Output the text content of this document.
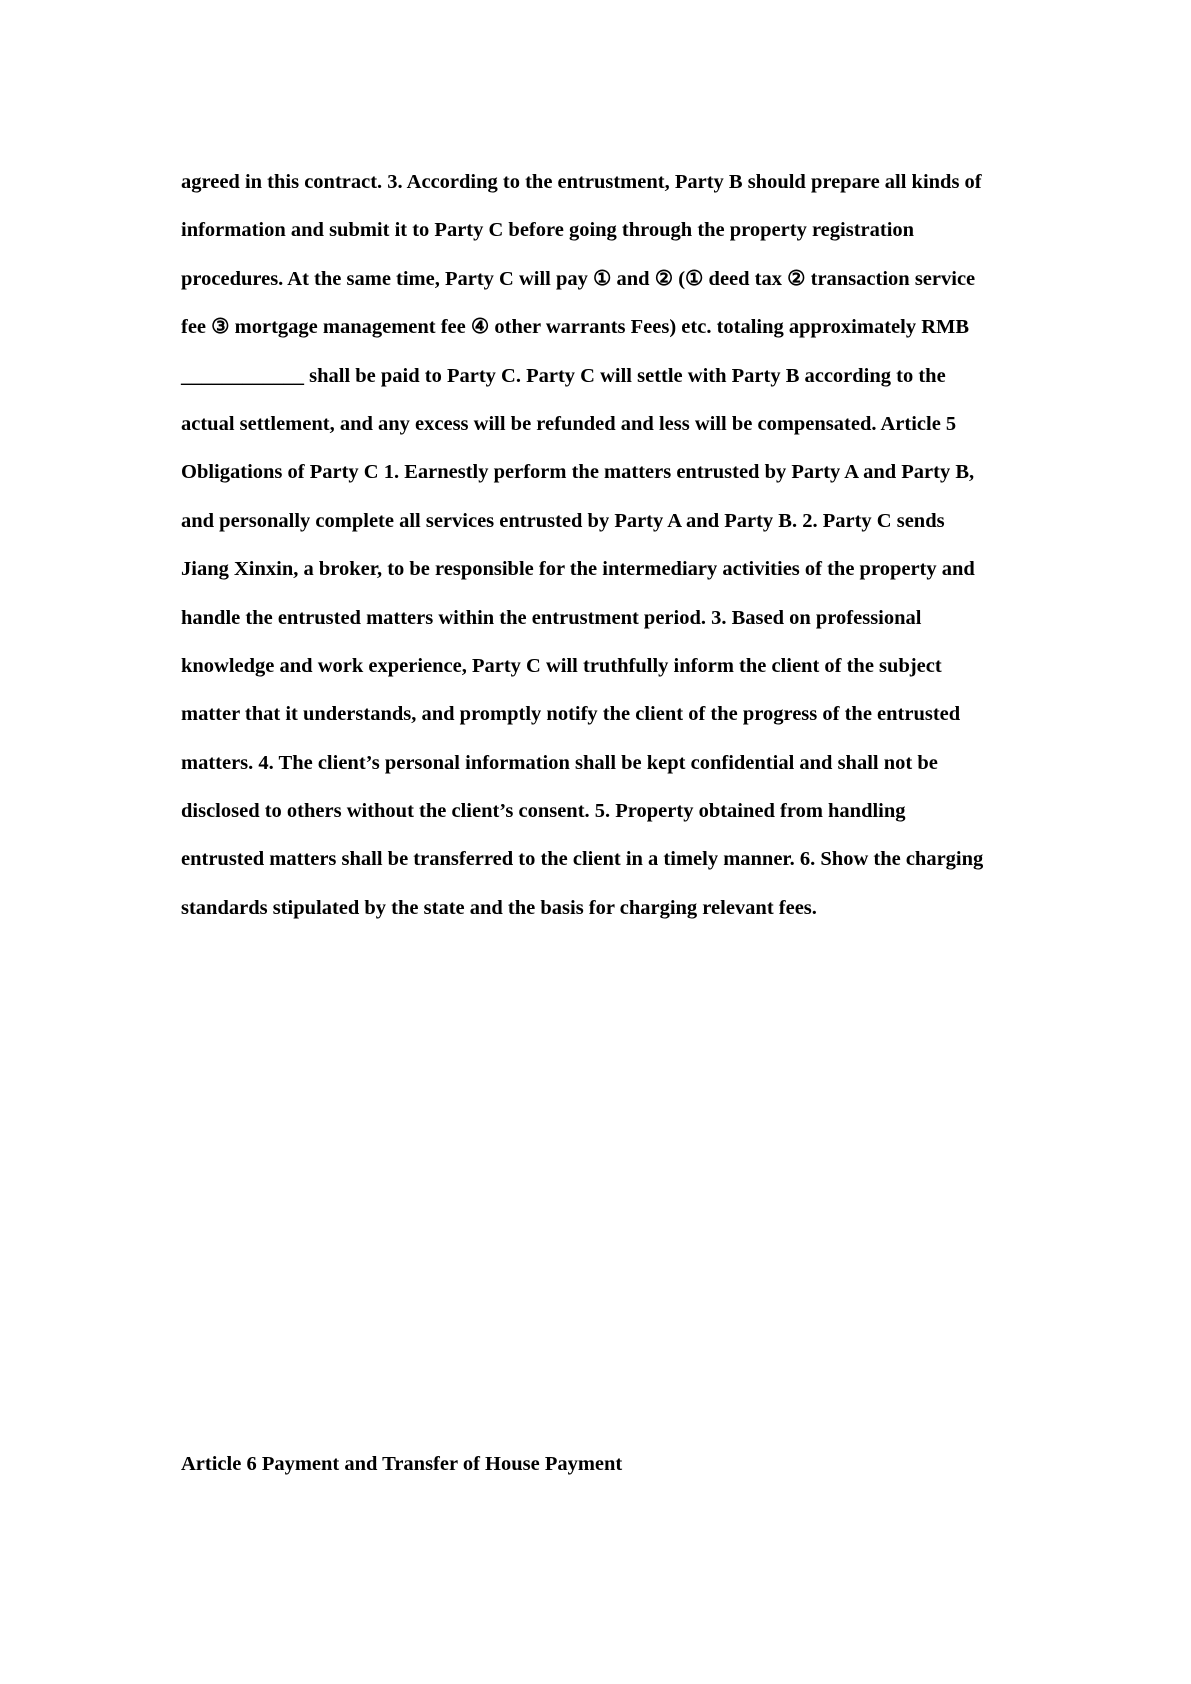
agreed in this contract. 3. According to the entrustment, Party B should prepare all kinds of
information and submit it to Party C before going through the property registration
procedures. At the same time, Party C will pay ① and ② (① deed tax ② transaction service
fee ③ mortgage management fee ④ other warrants Fees) etc. totaling approximately RMB
____________ shall be paid to Party C. Party C will settle with Party B according to the
actual settlement, and any excess will be refunded and less will be compensated. Article 5
Obligations of Party C 1. Earnestly perform the matters entrusted by Party A and Party B,
and personally complete all services entrusted by Party A and Party B. 2. Party C sends
Jiang Xinxin, a broker, to be responsible for the intermediary activities of the property and
handle the entrusted matters within the entrustment period. 3. Based on professional
knowledge and work experience, Party C will truthfully inform the client of the subject
matter that it understands, and promptly notify the client of the progress of the entrusted
matters. 4. The client’s personal information shall be kept confidential and shall not be
disclosed to others without the client’s consent. 5. Property obtained from handling
entrusted matters shall be transferred to the client in a timely manner. 6. Show the charging
standards stipulated by the state and the basis for charging relevant fees.

Article 6 Payment and Transfer of House Payment
